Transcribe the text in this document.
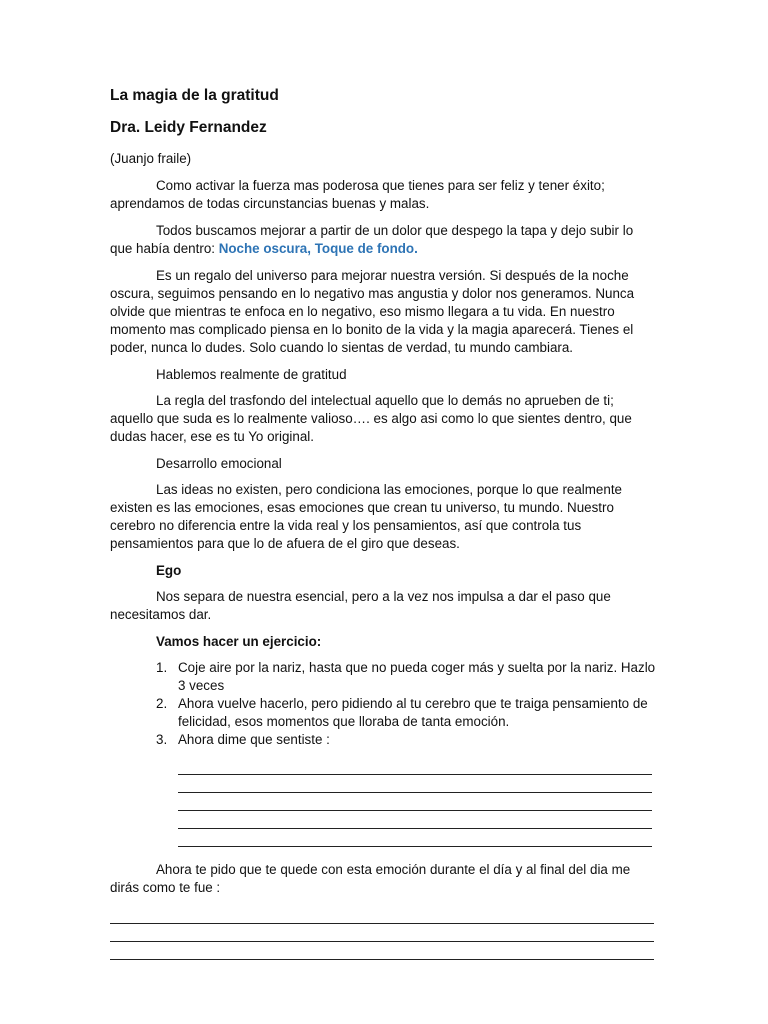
La magia de la gratitud
Dra. Leidy Fernandez

(Juanjo fraile)

Como activar la fuerza mas poderosa que tienes para ser feliz y tener éxito; aprendamos de todas circunstancias buenas y malas.

Todos buscamos mejorar a partir de un dolor que despego la tapa y dejo subir lo que había dentro: Noche oscura, Toque de fondo.

Es un regalo del universo para mejorar nuestra versión. Si después de la noche oscura, seguimos pensando en lo negativo mas angustia y dolor nos generamos. Nunca olvide que mientras te enfoca en lo negativo, eso mismo llegara a tu vida. En nuestro momento mas complicado piensa en lo bonito de la vida y la magia aparecerá. Tienes el poder, nunca lo dudes. Solo cuando lo sientas de verdad, tu mundo cambiara.

Hablemos realmente de gratitud

La regla del trasfondo del intelectual aquello que lo demás no aprueben de ti; aquello que suda es lo realmente valioso…. es algo asi como lo que sientes dentro, que dudas hacer, ese es tu Yo original.

Desarrollo emocional

Las ideas no existen, pero condiciona las emociones, porque lo que realmente existen es las emociones, esas emociones que crean tu universo, tu mundo. Nuestro cerebro no diferencia entre la vida real y los pensamientos, así que controla tus pensamientos para que lo de afuera de el giro que deseas.

Ego

Nos separa de nuestra esencial, pero a la vez nos impulsa a dar el paso que necesitamos dar.

Vamos hacer un ejercicio:

1. Coje aire por la nariz, hasta que no pueda coger más y suelta por la nariz. Hazlo 3 veces
2. Ahora vuelve hacerlo, pero pidiendo al tu cerebro que te traiga pensamiento de felicidad, esos momentos que lloraba de tanta emoción.
3. Ahora dime que sentiste :

Ahora te pido que te quede con esta emoción durante el día y al final del dia me dirás como te fue :
